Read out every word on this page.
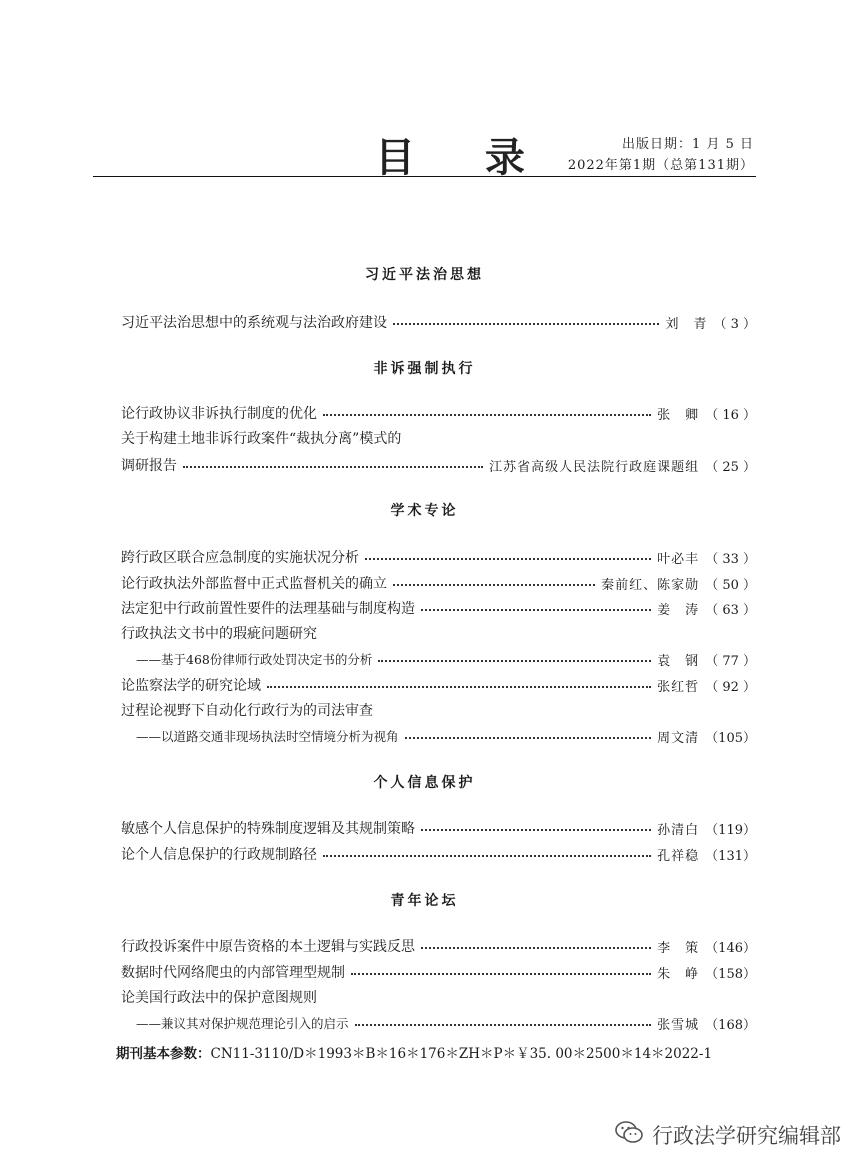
目 录	出版日期：1 月 5 日
2022年第1期（总第131期）
习近平法治思想
习近平法治思想中的系统观与法治政府建设	刘　青 （ 3 ）
非诉强制执行
论行政协议非诉执行制度的优化	张　卿 （ 16 ）
关于构建土地非诉行政案件“裁执分离”模式的
调研报告	江苏省高级人民法院行政庭课题组 （ 25 ）
学术专论
跨行政区联合应急制度的实施状况分析	叶必丰 （ 33 ）
论行政执法外部监督中正式监督机关的确立	秦前红、陈家勋 （ 50 ）
法定犯中行政前置性要件的法理基础与制度构造	姜　涛 （ 63 ）
行政执法文书中的瑕疵问题研究
——基于468份律师行政处罚决定书的分析	袁　钢 （ 77 ）
论监察法学的研究论域	张红哲 （ 92 ）
过程论视野下自动化行政行为的司法审查
——以道路交通非现场执法时空情境分析为视角	周文清 （105）
个人信息保护
敏感个人信息保护的特殊制度逻辑及其规制策略	孙清白 （119）
论个人信息保护的行政规制路径	孔祥稳 （131）
青年论坛
行政投诉案件中原告资格的本土逻辑与实践反思	李　策 （146）
数据时代网络爬虫的内部管理型规制	朱　峥 （158）
论美国行政法中的保护意图规则
——兼议其对保护规范理论引入的启示	张雪城 （168）
期刊基本参数：CN11-3110/D＊1993＊B＊16＊176＊ZH＊P＊￥35. 00＊2500＊14＊2022-1
行政法学研究编辑部
